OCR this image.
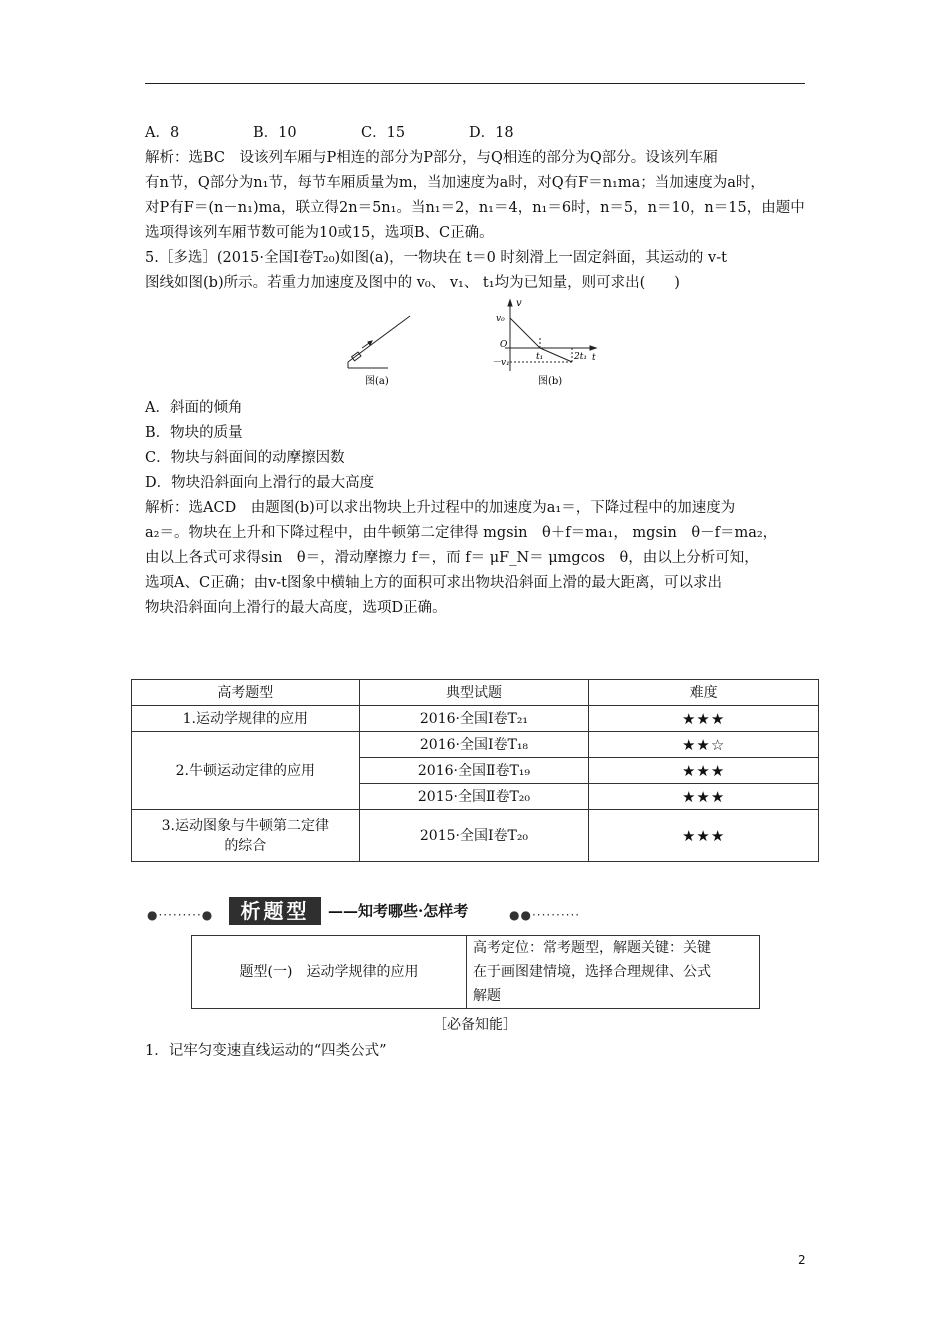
A．8	B．10	C．15	D．18
解析：选BC　设该列车厢与P相连的部分为P部分，与Q相连的部分为Q部分。设该列车厢
有n节，Q部分为n₁节，每节车厢质量为m，当加速度为a时，对Q有F＝n₁ma；当加速度为a时，
对P有F＝(n－n₁)ma，联立得2n＝5n₁。当n₁＝2，n₁＝4，n₁＝6时，n＝5，n＝10，n＝15，由题中
选项得该列车厢节数可能为10或15，选项B、C正确。
5.［多选］(2015·全国Ⅰ卷T₂₀)如图(a)，一物块在 t＝0 时刻滑上一固定斜面，其运动的 v-t
图线如图(b)所示。若重力加速度及图中的 v₀、 v₁、 t₁均为已知量，则可求出(　　)
图(a)
v
v₀
O
t₁	2t₁ t
－v₁
图(b)
A．斜面的倾角
B．物块的质量
C．物块与斜面间的动摩擦因数
D．物块沿斜面向上滑行的最大高度
解析：选ACD　由题图(b)可以求出物块上升过程中的加速度为a₁＝，下降过程中的加速度为
a₂＝。物块在上升和下降过程中，由牛顿第二定律得 mgsin　θ＋f＝ma₁， mgsin　θ－f＝ma₂，
由以上各式可求得sin　θ＝，滑动摩擦力 f＝，而 f＝ μF_N＝ μmgcos　θ，由以上分析可知，
选项A、C正确；由v-t图象中横轴上方的面积可求出物块沿斜面上滑的最大距离，可以求出
物块沿斜面向上滑行的最大高度，选项D正确。
高考题型	典型试题	难度
1.运动学规律的应用	2016·全国Ⅰ卷T₂₁	★★★
2.牛顿运动定律的应用	2016·全国Ⅰ卷T₁₈	★★☆
	2016·全国Ⅱ卷T₁₉	★★★
	2015·全国Ⅱ卷T₂₀	★★★

3.运动图象与牛顿第二定律
的综合	2015·全国Ⅰ卷T₂₀	★★★
●·········●	析题型	——知考哪些·怎样考	●●··········
题型(一)　运动学规律的应用	
高考定位：常考题型，解题关键：关键
在于画图建情境，选择合理规律、公式
解题
［必备知能］
1．记牢匀变速直线运动的“四类公式”
2
